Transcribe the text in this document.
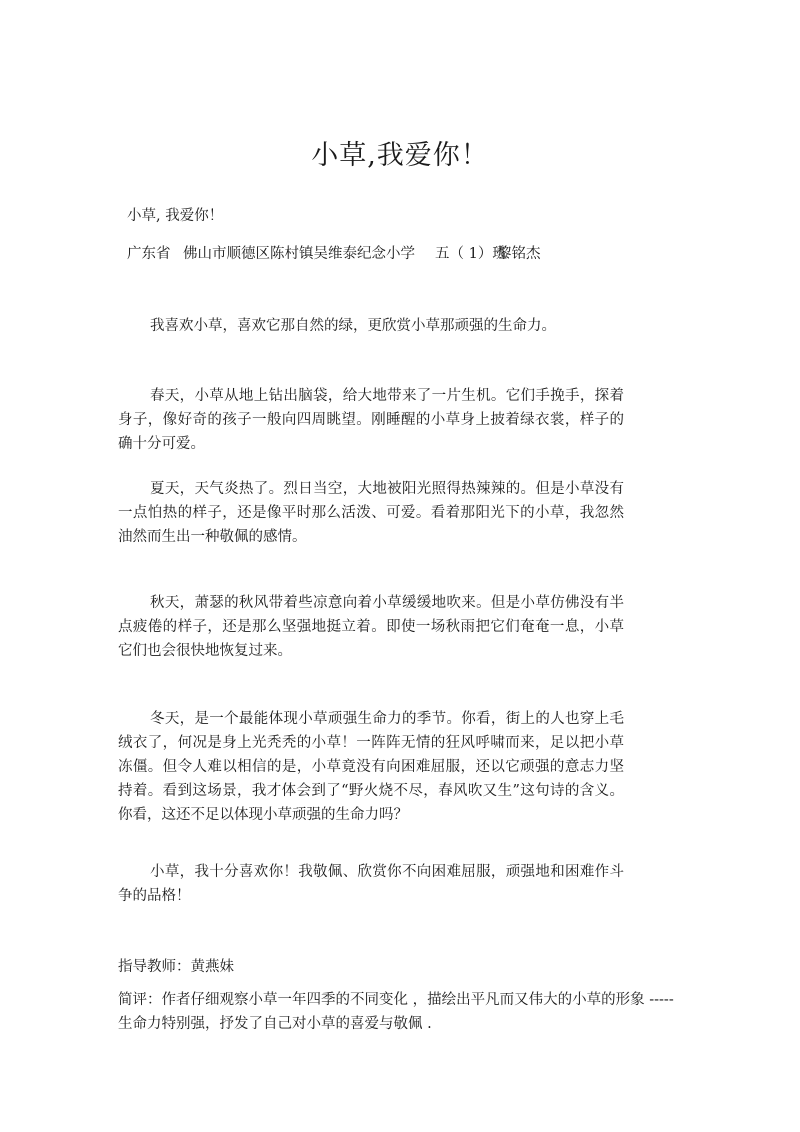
小草,我爱你！
小草, 我爱你！
广东省 佛山市顺德区陈村镇吴维泰纪念小学 五（ 1）班黎铭杰
我喜欢小草，喜欢它那自然的绿，更欣赏小草那顽强的生命力。
春天，小草从地上钻出脑袋，给大地带来了一片生机。它们手挽手，探着身子，像好奇的孩子一般向四周眺望。刚睡醒的小草身上披着绿衣裳，样子的确十分可爱。
夏天，天气炎热了。烈日当空，大地被阳光照得热辣辣的。但是小草没有一点怕热的样子，还是像平时那么活泼、可爱。看着那阳光下的小草，我忽然油然而生出一种敬佩的感情。
秋天，萧瑟的秋风带着些凉意向着小草缓缓地吹来。但是小草仿佛没有半点疲倦的样子，还是那么坚强地挺立着。即使一场秋雨把它们奄奄一息，小草它们也会很快地恢复过来。
冬天，是一个最能体现小草顽强生命力的季节。你看，街上的人也穿上毛绒衣了，何况是身上光秃秃的小草！一阵阵无情的狂风呼啸而来，足以把小草冻僵。但令人难以相信的是，小草竟没有向困难屈服，还以它顽强的意志力坚持着。看到这场景，我才体会到了“野火烧不尽，春风吹又生”这句诗的含义。你看，这还不足以体现小草顽强的生命力吗？
小草，我十分喜欢你！我敬佩、欣赏你不向困难屈服，顽强地和困难作斗争的品格！
指导教师：黄燕妹
简评：作者仔细观察小草一年四季的不同变化 ，描绘出平凡而又伟大的小草的形象 -----生命力特别强，抒发了自己对小草的喜爱与敬佩 .
